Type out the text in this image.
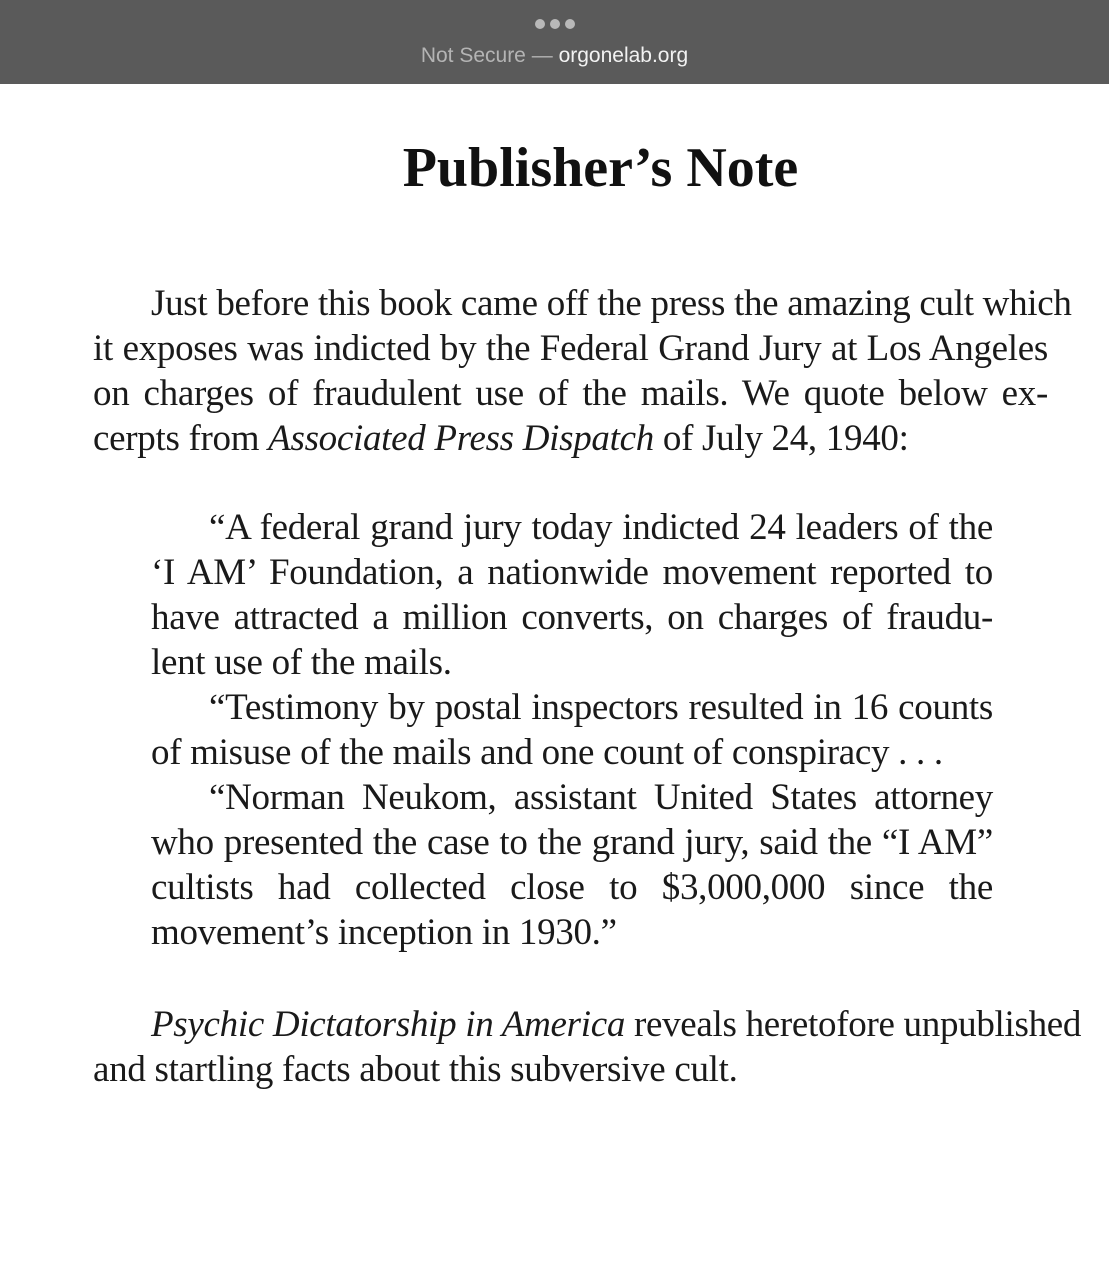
Not Secure — orgonelab.org
Publisher’s Note
Just before this book came off the press the amazing cult which
it exposes was indicted by the Federal Grand Jury at Los Angeles
on charges of fraudulent use of the mails. We quote below ex-
cerpts from Associated Press Dispatch of July 24, 1940:
“A federal grand jury today indicted 24 leaders of the
‘I AM’ Foundation, a nationwide movement reported to
have attracted a million converts, on charges of fraudu-
lent use of the mails.
“Testimony by postal inspectors resulted in 16 counts
of misuse of the mails and one count of conspiracy . . .
“Norman Neukom, assistant United States attorney
who presented the case to the grand jury, said the “I AM”
cultists had collected close to $3,000,000 since the
movement’s inception in 1930.”
Psychic Dictatorship in America reveals heretofore unpublished
and startling facts about this subversive cult.
